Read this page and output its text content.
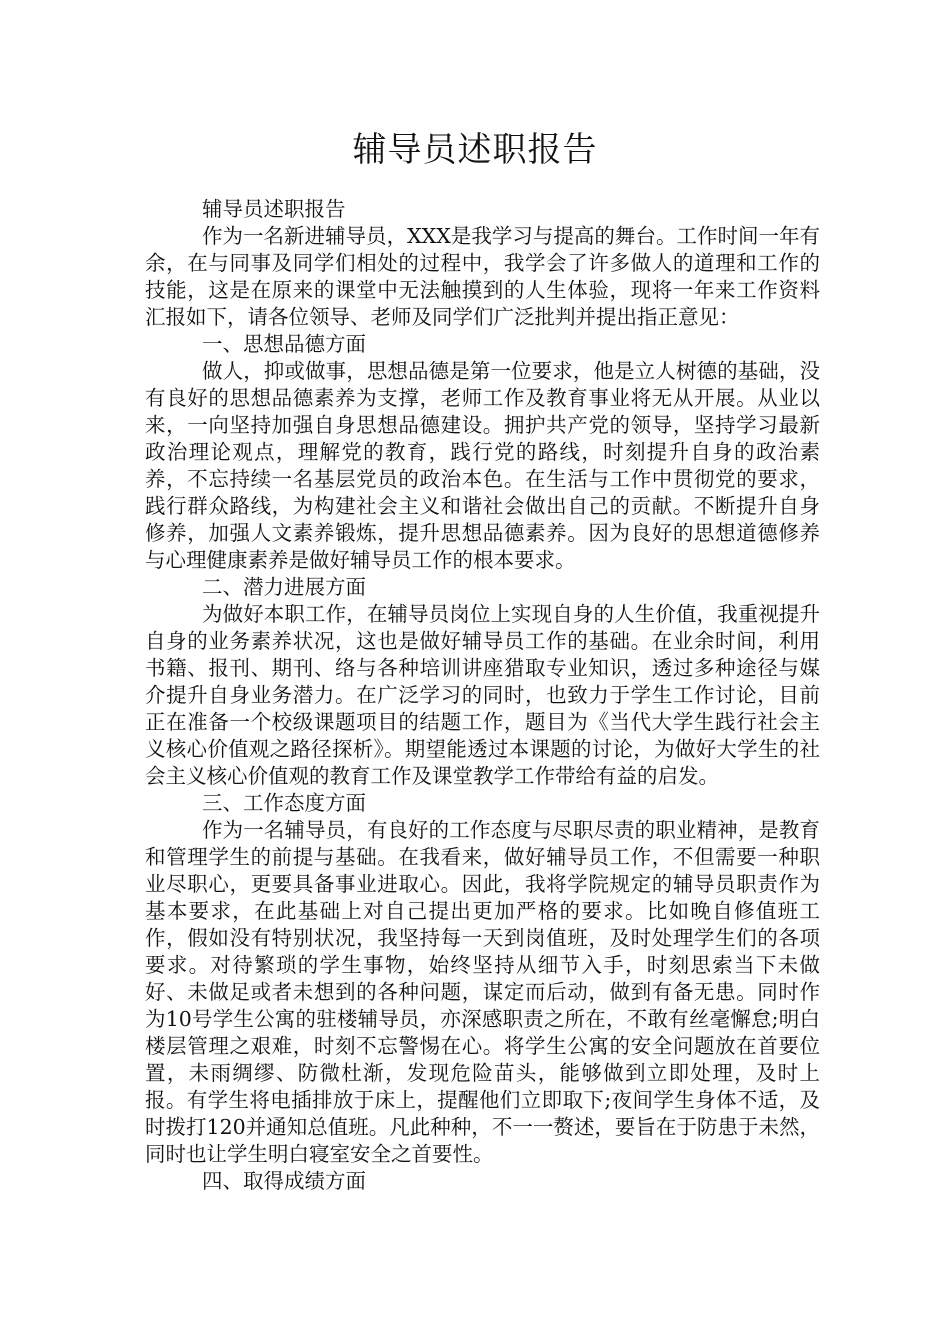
辅导员述职报告

辅导员述职报告

作为一名新进辅导员，XXX是我学习与提高的舞台。工作时间一年有余，在与同事及同学们相处的过程中，我学会了许多做人的道理和工作的技能，这是在原来的课堂中无法触摸到的人生体验，现将一年来工作资料汇报如下，请各位领导、老师及同学们广泛批判并提出指正意见：

一、思想品德方面

做人，抑或做事，思想品德是第一位要求，他是立人树德的基础，没有良好的思想品德素养为支撑，老师工作及教育事业将无从开展。从业以来，一向坚持加强自身思想品德建设。拥护共产党的领导，坚持学习最新政治理论观点，理解党的教育，践行党的路线，时刻提升自身的政治素养，不忘持续一名基层党员的政治本色。在生活与工作中贯彻党的要求，践行群众路线，为构建社会主义和谐社会做出自己的贡献。不断提升自身修养，加强人文素养锻炼，提升思想品德素养。因为良好的思想道德修养与心理健康素养是做好辅导员工作的根本要求。

二、潜力进展方面

为做好本职工作，在辅导员岗位上实现自身的人生价值，我重视提升自身的业务素养状况，这也是做好辅导员工作的基础。在业余时间，利用书籍、报刊、期刊、络与各种培训讲座猎取专业知识，透过多种途径与媒介提升自身业务潜力。在广泛学习的同时，也致力于学生工作讨论，目前正在准备一个校级课题项目的结题工作，题目为《当代大学生践行社会主义核心价值观之路径探析》。期望能透过本课题的讨论，为做好大学生的社会主义核心价值观的教育工作及课堂教学工作带给有益的启发。

三、工作态度方面

作为一名辅导员，有良好的工作态度与尽职尽责的职业精神，是教育和管理学生的前提与基础。在我看来，做好辅导员工作，不但需要一种职业尽职心，更要具备事业进取心。因此，我将学院规定的辅导员职责作为基本要求，在此基础上对自己提出更加严格的要求。比如晚自修值班工作，假如没有特别状况，我坚持每一天到岗值班，及时处理学生们的各项要求。对待繁琐的学生事物，始终坚持从细节入手，时刻思索当下未做好、未做足或者未想到的各种问题，谋定而后动，做到有备无患。同时作为10号学生公寓的驻楼辅导员，亦深感职责之所在，不敢有丝毫懈怠;明白楼层管理之艰难，时刻不忘警惕在心。将学生公寓的安全问题放在首要位置，未雨绸缪、防微杜渐，发现危险苗头，能够做到立即处理，及时上报。有学生将电插排放于床上，提醒他们立即取下;夜间学生身体不适，及时拨打120并通知总值班。凡此种种，不一一赘述，要旨在于防患于未然，同时也让学生明白寝室安全之首要性。

四、取得成绩方面
